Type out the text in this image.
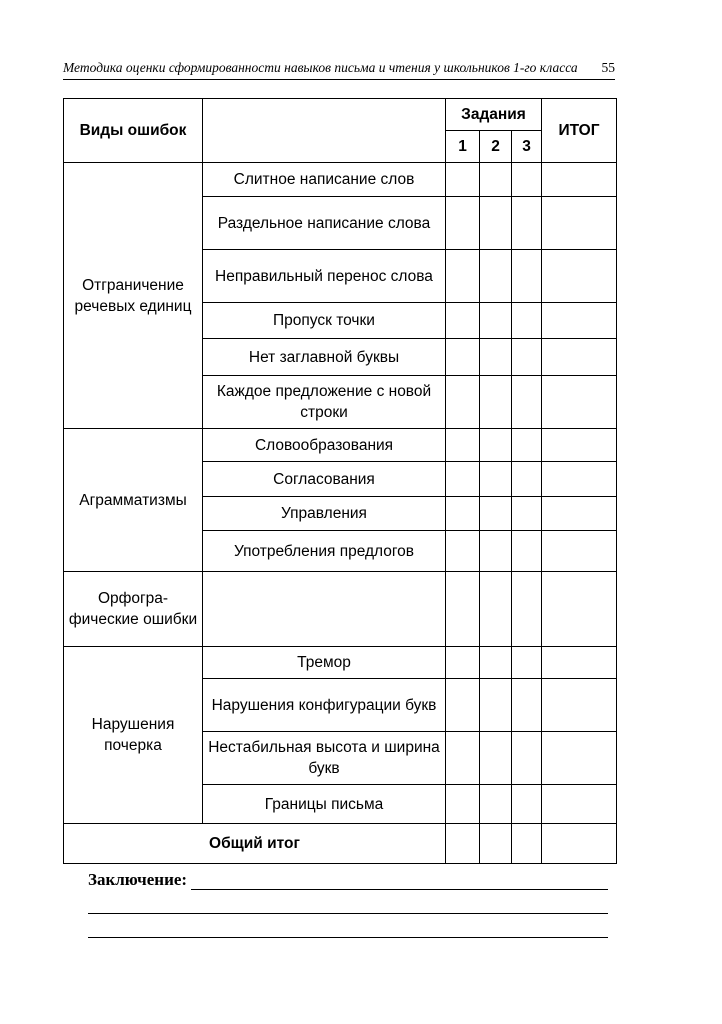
Методика оценки сформированности навыков письма и чтения у школьников 1-го класса 55
Виды ошибок		Задания			ИТОГ
		1	2	3	
Отграничение речевых единиц	Слитное написание слов				
	Раздельное написание слова				
	Неправильный перенос слова				
	Пропуск точки				
	Нет заглавной буквы				
	Каждое предложение с новой строки				
Аграмматизмы	Словообразования				
	Согласования				
	Управления				
	Употребления предлогов				
Орфогра-фические ошибки					
Нарушения почерка	Тремор				
	Нарушения конфигурации букв				
	Нестабильная высота и ширина букв				
	Границы письма				
Общий итог					
Заключение:
